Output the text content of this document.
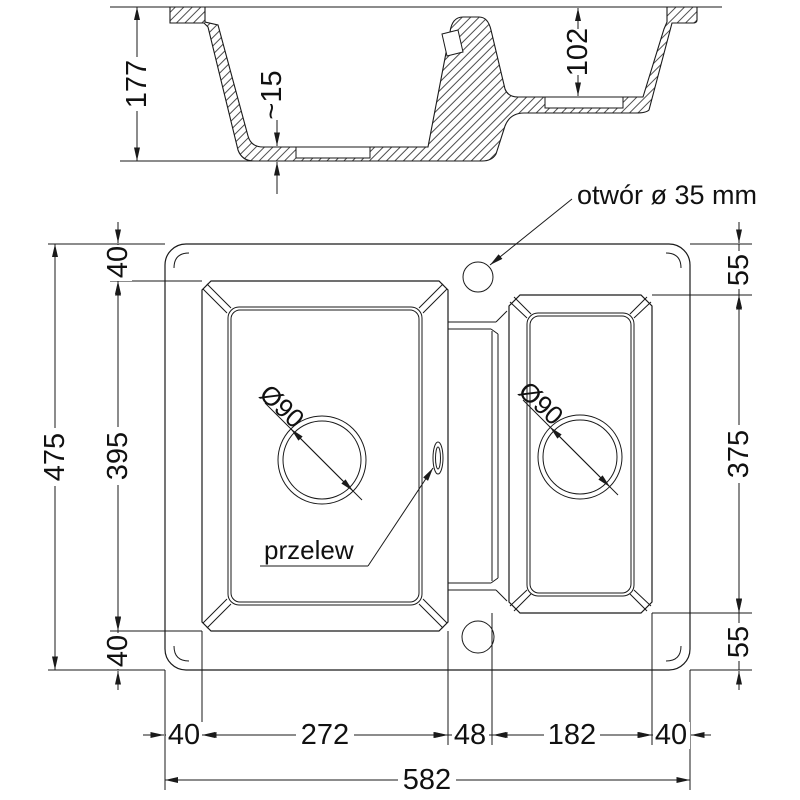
177	~15
102
Ø90	Ø90
otwór ø 35 mm
przelew
475
40
395
40
55
375
55
40	272	48 182 40
582
